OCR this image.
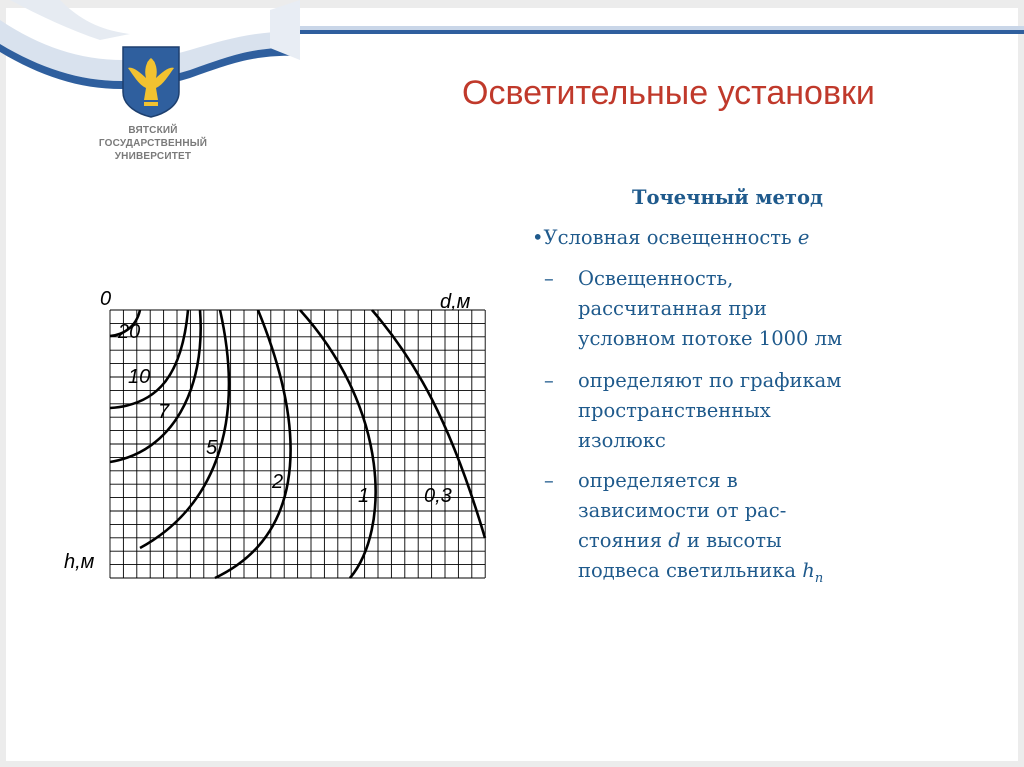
ВЯТСКИЙ
ГОСУДАРСТВЕННЫЙ
УНИВЕРСИТЕТ
Осветительные установки
0	d,м
h,м
20
10
7
5
2
1	0,3
Точечный метод
•Условная освещенность e
– Освещенность,
рассчитанная при
условном потоке 1000 лм
– определяют по графикам
пространственных
изолюкс
– определяется в
зависимости от рас-
стояния d и высоты
подвеса светильника $h_n$
